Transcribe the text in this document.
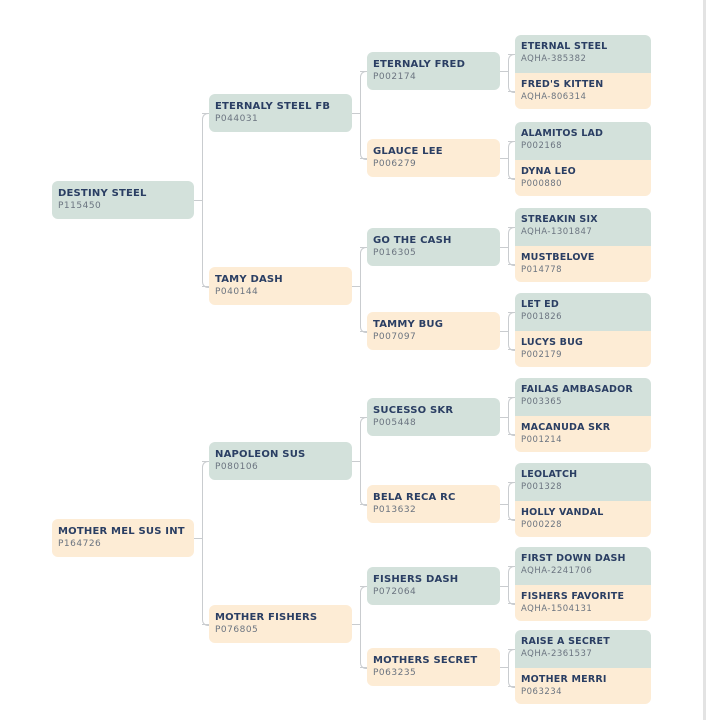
DESTINY STEEL
P115450
MOTHER MEL SUS INT
P164726
ETERNALY STEEL FB
P044031
TAMY DASH
P040144
NAPOLEON SUS
P080106
MOTHER FISHERS
P076805
ETERNALY FRED
P002174
GLAUCE LEE
P006279
GO THE CASH
P016305
TAMMY BUG
P007097
SUCESSO SKR
P005448
BELA RECA RC
P013632
FISHERS DASH
P072064
MOTHERS SECRET
P063235
ETERNAL STEEL
AQHA-385382
FRED'S KITTEN
AQHA-806314
ALAMITOS LAD
P002168
DYNA LEO
P000880
STREAKIN SIX
AQHA-1301847
MUSTBELOVE
P014778
LET ED
P001826
LUCYS BUG
P002179
FAILAS AMBASADOR
P003365
MACANUDA SKR
P001214
LEOLATCH
P001328
HOLLY VANDAL
P000228
FIRST DOWN DASH
AQHA-2241706
FISHERS FAVORITE
AQHA-1504131
RAISE A SECRET
AQHA-2361537
MOTHER MERRI
P063234
